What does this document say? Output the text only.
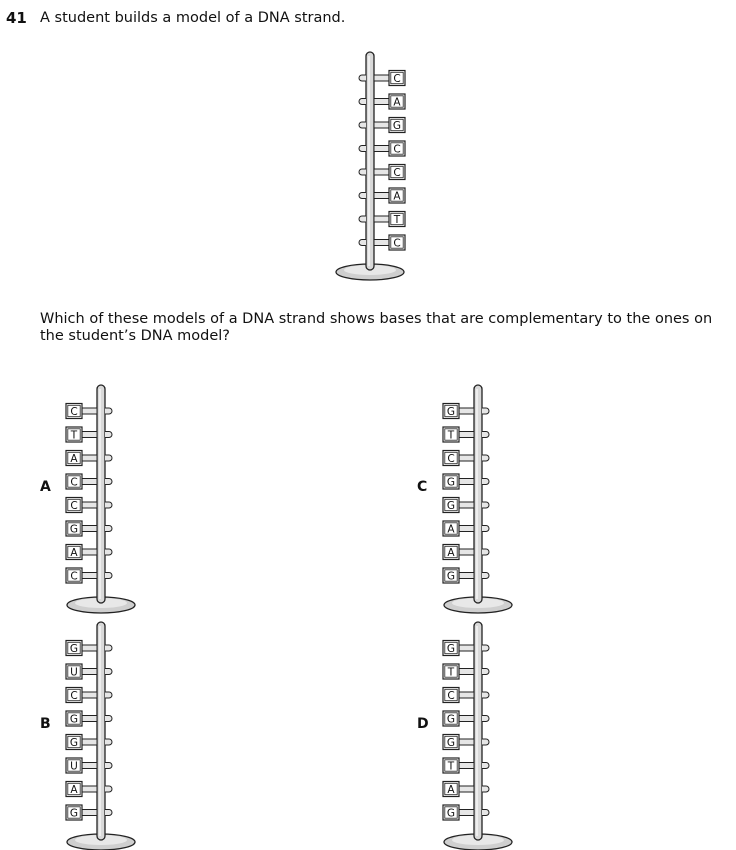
41 A student builds a model of a DNA strand.
C
A
G
C
C
A
T
C
Which of these models of a DNA strand shows bases that are complementary to the ones on the student’s DNA model?
A
C
T
A
C
C
G
A
C
B
G
U
C
G
G
U
A
G
C
G
T
C
G
G
A
A
G
D
G
T
C
G
G
T
A
G
